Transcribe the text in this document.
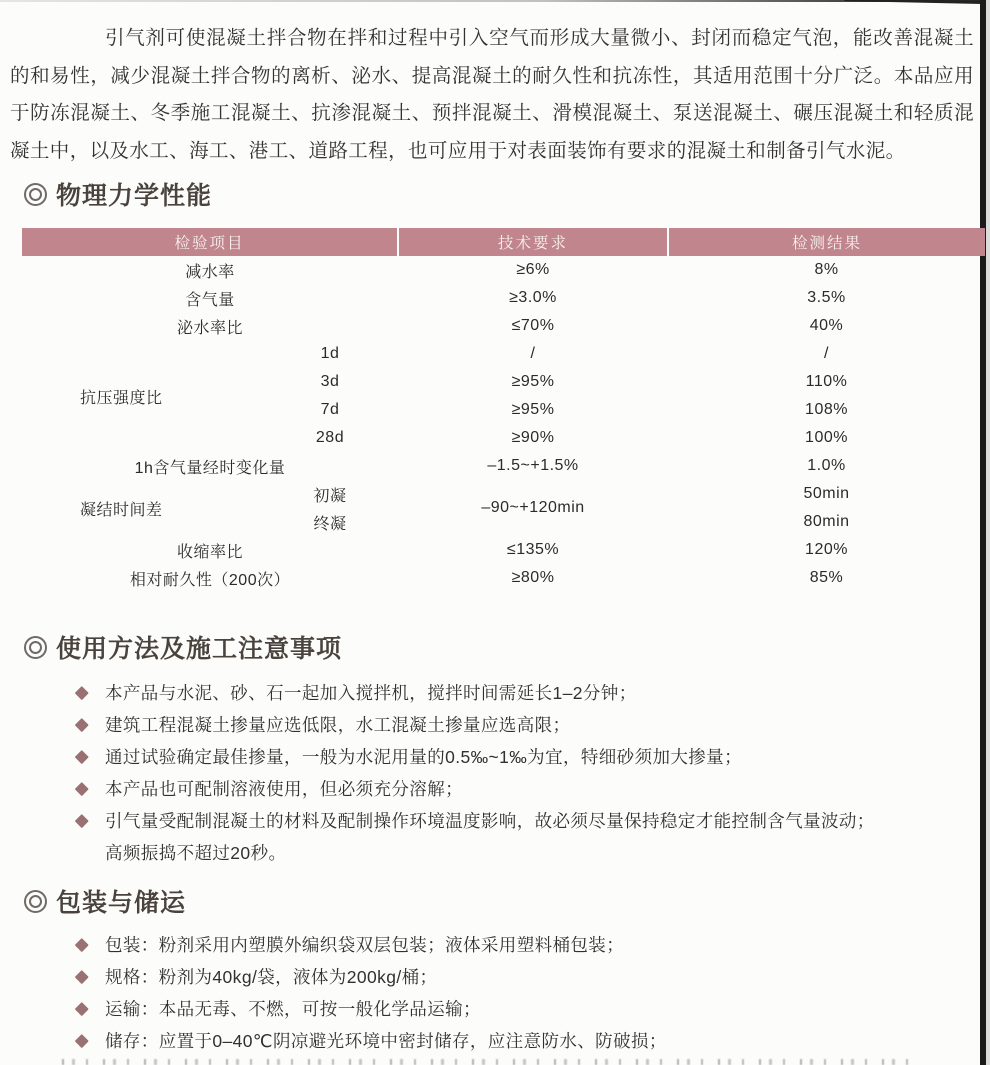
引气剂可使混凝土拌合物在拌和过程中引入空气而形成大量微小、封闭而稳定气泡，能改善混凝土的和易性，减少混凝土拌合物的离析、泌水、提高混凝土的耐久性和抗冻性，其适用范围十分广泛。本品应用于防冻混凝土、冬季施工混凝土、抗渗混凝土、预拌混凝土、滑模混凝土、泵送混凝土、碾压混凝土和轻质混凝土中，以及水工、海工、港工、道路工程，也可应用于对表面装饰有要求的混凝土和制备引气水泥。

物理力学性能
检验项目		技术要求	检测结果
减水率		≥6%	8%
含气量		≥3.0%	3.5%
泌水率比		≤70%	40%
抗压强度比	1d	/	/
	3d	≥95%	110%
	7d	≥95%	108%
	28d	≥90%	100%
1h含气量经时变化量		–1.5~+1.5%	1.0%
凝结时间差	初凝	–90~+120min	50min
	终凝		80min
收缩率比		≤135%	120%
相对耐久性（200次）		≥80%	85%
使用方法及施工注意事项
本产品与水泥、砂、石一起加入搅拌机，搅拌时间需延长1–2分钟；
建筑工程混凝土掺量应选低限，水工混凝土掺量应选高限；
通过试验确定最佳掺量，一般为水泥用量的0.5‰~1‰为宜，特细砂须加大掺量；
本产品也可配制溶液使用，但必须充分溶解；
引气量受配制混凝土的材料及配制操作环境温度影响，故必须尽量保持稳定才能控制含气量波动；
高频振捣不超过20秒。
包装与储运
包装：粉剂采用内塑膜外编织袋双层包装；液体采用塑料桶包装；
规格：粉剂为40kg/袋，液体为200kg/桶；
运输：本品无毒、不燃，可按一般化学品运输；
储存：应置于0–40℃阴凉避光环境中密封储存，应注意防水、防破损；
